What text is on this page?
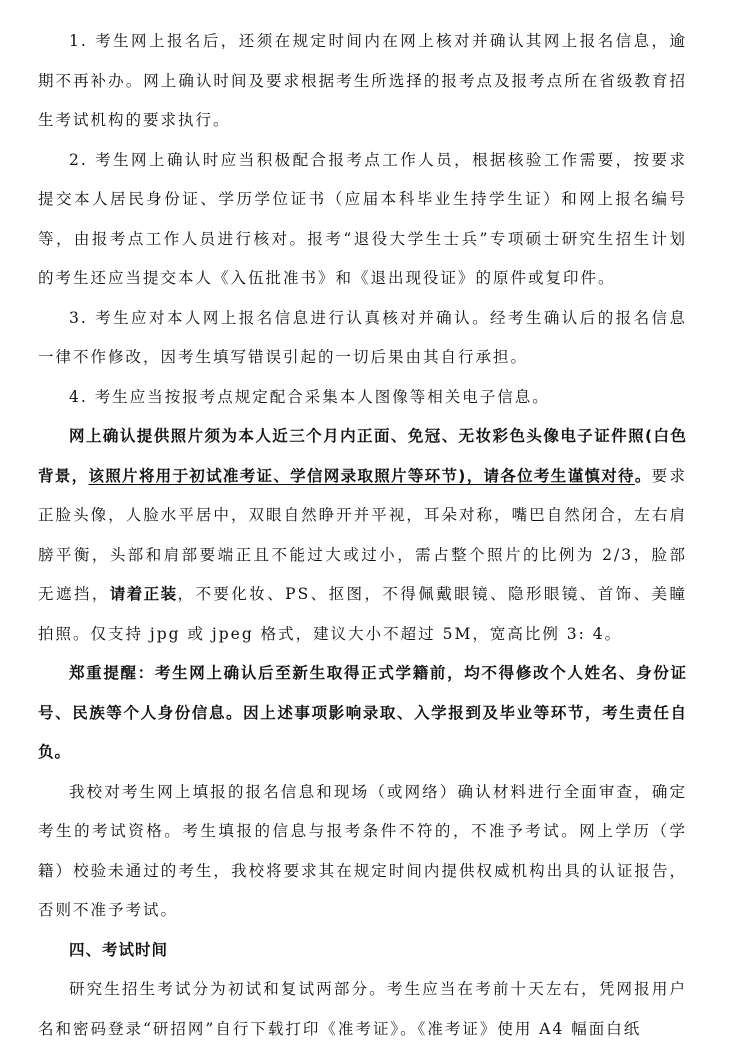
1. 考生网上报名后，还须在规定时间内在网上核对并确认其网上报名信息，逾期不再补办。网上确认时间及要求根据考生所选择的报考点及报考点所在省级教育招生考试机构的要求执行。

2. 考生网上确认时应当积极配合报考点工作人员，根据核验工作需要，按要求提交本人居民身份证、学历学位证书（应届本科毕业生持学生证）和网上报名编号等，由报考点工作人员进行核对。报考“退役大学生士兵”专项硕士研究生招生计划的考生还应当提交本人《入伍批准书》和《退出现役证》的原件或复印件。

3. 考生应对本人网上报名信息进行认真核对并确认。经考生确认后的报名信息一律不作修改，因考生填写错误引起的一切后果由其自行承担。

4. 考生应当按报考点规定配合采集本人图像等相关电子信息。

网上确认提供照片须为本人近三个月内正面、免冠、无妆彩色头像电子证件照(白色背景，该照片将用于初试准考证、学信网录取照片等环节)，请各位考生谨慎对待。要求正脸头像，人脸水平居中，双眼自然睁开并平视，耳朵对称，嘴巴自然闭合，左右肩膀平衡，头部和肩部要端正且不能过大或过小，需占整个照片的比例为 2/3，脸部无遮挡，请着正装，不要化妆、PS、抠图，不得佩戴眼镜、隐形眼镜、首饰、美瞳拍照。仅支持 jpg 或 jpeg 格式，建议大小不超过 5M，宽高比例 3: 4。

郑重提醒：考生网上确认后至新生取得正式学籍前，均不得修改个人姓名、身份证号、民族等个人身份信息。因上述事项影响录取、入学报到及毕业等环节，考生责任自负。

我校对考生网上填报的报名信息和现场（或网络）确认材料进行全面审查，确定考生的考试资格。考生填报的信息与报考条件不符的，不准予考试。网上学历（学籍）校验未通过的考生，我校将要求其在规定时间内提供权威机构出具的认证报告，否则不准予考试。

四、考试时间

研究生招生考试分为初试和复试两部分。考生应当在考前十天左右，凭网报用户名和密码登录“研招网”自行下载打印《准考证》。《准考证》使用 A4 幅面白纸
